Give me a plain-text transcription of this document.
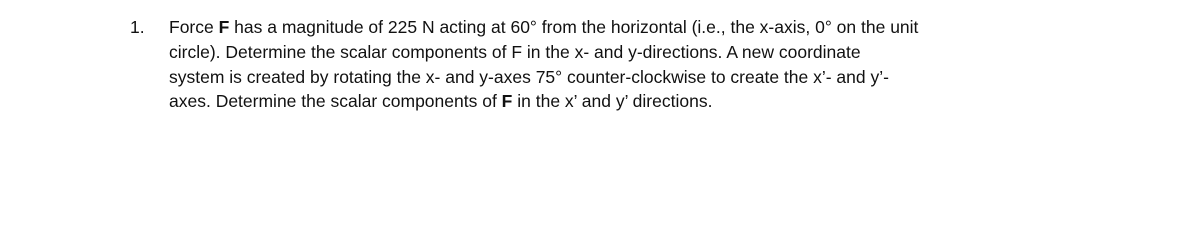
1. Force F has a magnitude of 225 N acting at 60° from the horizontal (i.e., the x-axis, 0° on the unit
circle). Determine the scalar components of F in the x- and y-directions. A new coordinate
system is created by rotating the x- and y-axes 75° counter-clockwise to create the x’- and y’-
axes. Determine the scalar components of F in the x’ and y’ directions.
